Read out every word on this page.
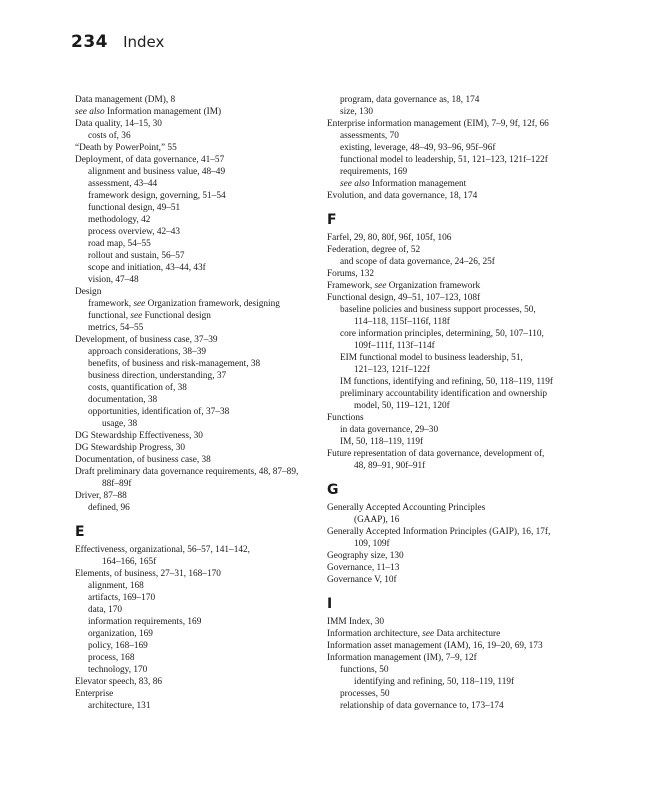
234 Index
Data management (DM), 8
see also Information management (IM)
Data quality, 14–15, 30
costs of, 36
“Death by PowerPoint,” 55
Deployment, of data governance, 41–57
alignment and business value, 48–49
assessment, 43–44
framework design, governing, 51–54
functional design, 49–51
methodology, 42
process overview, 42–43
road map, 54–55
rollout and sustain, 56–57
scope and initiation, 43–44, 43f
vision, 47–48
Design
framework, see Organization framework, designing
functional, see Functional design
metrics, 54–55
Development, of business case, 37–39
approach considerations, 38–39
benefits, of business and risk-management, 38
business direction, understanding, 37
costs, quantification of, 38
documentation, 38
opportunities, identification of, 37–38
usage, 38
DG Stewardship Effectiveness, 30
DG Stewardship Progress, 30
Documentation, of business case, 38
Draft preliminary data governance requirements, 48, 87–89,
88f–89f
Driver, 87–88
defined, 96
E
Effectiveness, organizational, 56–57, 141–142,
164–166, 165f
Elements, of business, 27–31, 168–170
alignment, 168
artifacts, 169–170
data, 170
information requirements, 169
organization, 169
policy, 168–169
process, 168
technology, 170
Elevator speech, 83, 86
Enterprise
architecture, 131
program, data governance as, 18, 174
size, 130
Enterprise information management (EIM), 7–9, 9f, 12f, 66
assessments, 70
existing, leverage, 48–49, 93–96, 95f–96f
functional model to leadership, 51, 121–123, 121f–122f
requirements, 169
see also Information management
Evolution, and data governance, 18, 174
F
Farfel, 29, 80, 80f, 96f, 105f, 106
Federation, degree of, 52
and scope of data governance, 24–26, 25f
Forums, 132
Framework, see Organization framework
Functional design, 49–51, 107–123, 108f
baseline policies and business support processes, 50,
114–118, 115f–116f, 118f
core information principles, determining, 50, 107–110,
109f–111f, 113f–114f
EIM functional model to business leadership, 51,
121–123, 121f–122f
IM functions, identifying and refining, 50, 118–119, 119f
preliminary accountability identification and ownership
model, 50, 119–121, 120f
Functions
in data governance, 29–30
IM, 50, 118–119, 119f
Future representation of data governance, development of,
48, 89–91, 90f–91f
G
Generally Accepted Accounting Principles
(GAAP), 16
Generally Accepted Information Principles (GAIP), 16, 17f,
109, 109f
Geography size, 130
Governance, 11–13
Governance V, 10f
I
IMM Index, 30
Information architecture, see Data architecture
Information asset management (IAM), 16, 19–20, 69, 173
Information management (IM), 7–9, 12f
functions, 50
identifying and refining, 50, 118–119, 119f
processes, 50
relationship of data governance to, 173–174
